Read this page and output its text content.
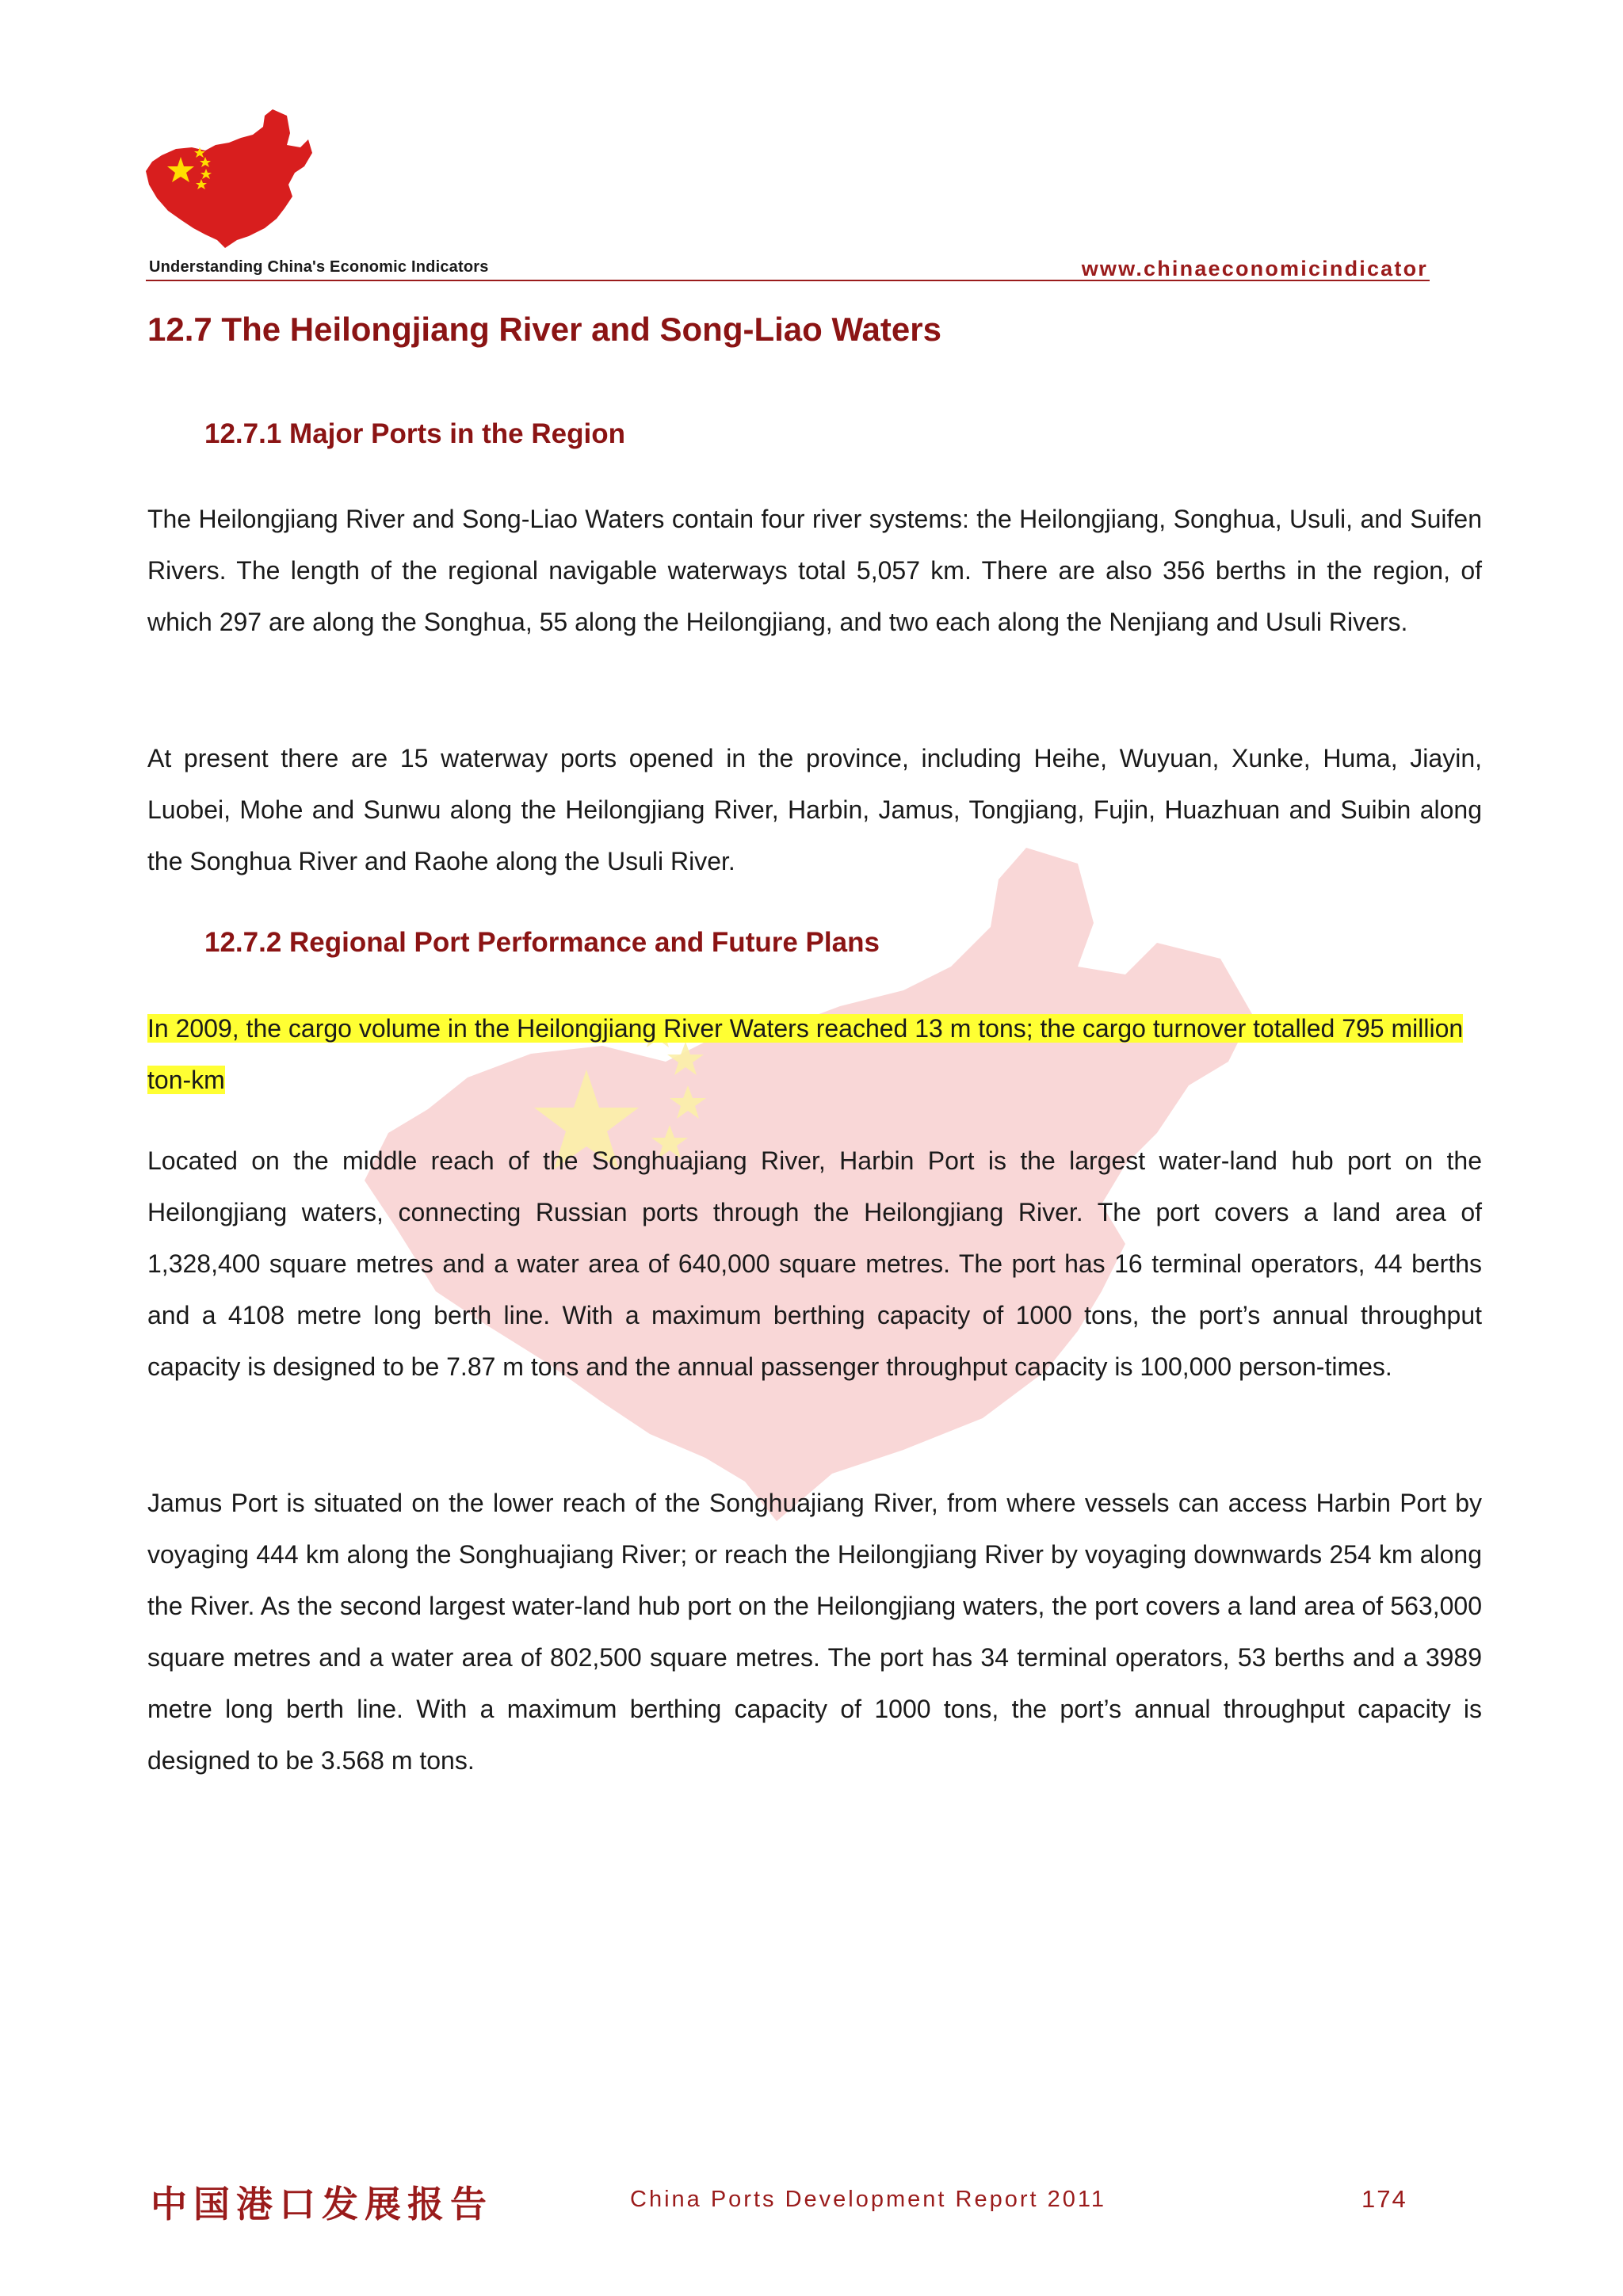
Understanding China's Economic Indicators	www.chinaeconomicindicator
12.7 The Heilongjiang River and Song-Liao Waters
12.7.1 Major Ports in the Region

The Heilongjiang River and Song-Liao Waters contain four river systems: the Heilongjiang, Songhua, Usuli, and Suifen Rivers. The length of the regional navigable waterways total 5,057 km. There are also 356 berths in the region, of which 297 are along the Songhua, 55 along the Heilongjiang, and two each along the Nenjiang and Usuli Rivers.

At present there are 15 waterway ports opened in the province, including Heihe, Wuyuan, Xunke, Huma, Jiayin, Luobei, Mohe and Sunwu along the Heilongjiang River, Harbin, Jamus, Tongjiang, Fujin, Huazhuan and Suibin along the Songhua River and Raohe along the Usuli River.

12.7.2 Regional Port Performance and Future Plans

In 2009, the cargo volume in the Heilongjiang River Waters reached 13 m tons; the cargo turnover totalled 795 million ton-km

Located on the middle reach of the Songhuajiang River, Harbin Port is the largest water-land hub port on the Heilongjiang waters, connecting Russian ports through the Heilongjiang River. The port covers a land area of 1,328,400 square metres and a water area of 640,000 square metres. The port has 16 terminal operators, 44 berths and a 4108 metre long berth line. With a maximum berthing capacity of 1000 tons, the port’s annual throughput capacity is designed to be 7.87 m tons and the annual passenger throughput capacity is 100,000 person-times.

Jamus Port is situated on the lower reach of the Songhuajiang River, from where vessels can access Harbin Port by voyaging 444 km along the Songhuajiang River; or reach the Heilongjiang River by voyaging downwards 254 km along the River. As the second largest water-land hub port on the Heilongjiang waters, the port covers a land area of 563,000 square metres and a water area of 802,500 square metres. The port has 34 terminal operators, 53 berths and a 3989 metre long berth line. With a maximum berthing capacity of 1000 tons, the port’s annual throughput capacity is designed to be 3.568 m tons.

中国港口发展报告	China Ports Development Report 2011	174
